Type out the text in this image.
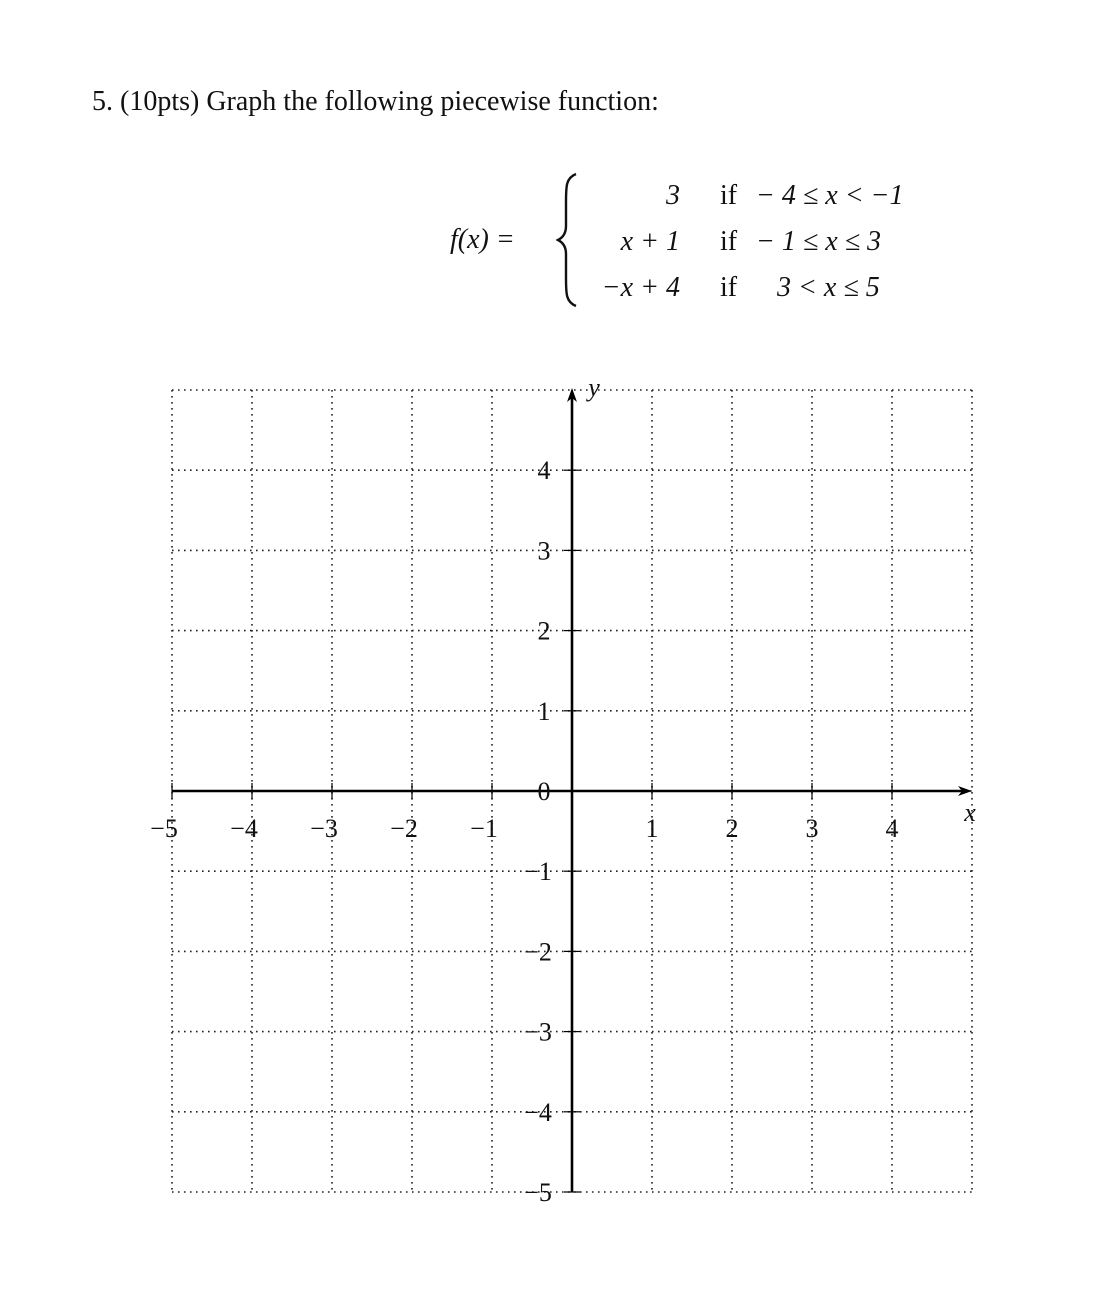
5. (10pts) Graph the following piecewise function:
f(x) =
3 if − 4 ≤ x < −1
x + 1 if − 1 ≤ x ≤ 3
−x + 4 if 3 < x ≤ 5
−5 −4 −3 −2 −1	1	2	3	4
−5
−4
−3
−2
−1
0
1
2
3
4
x
y
